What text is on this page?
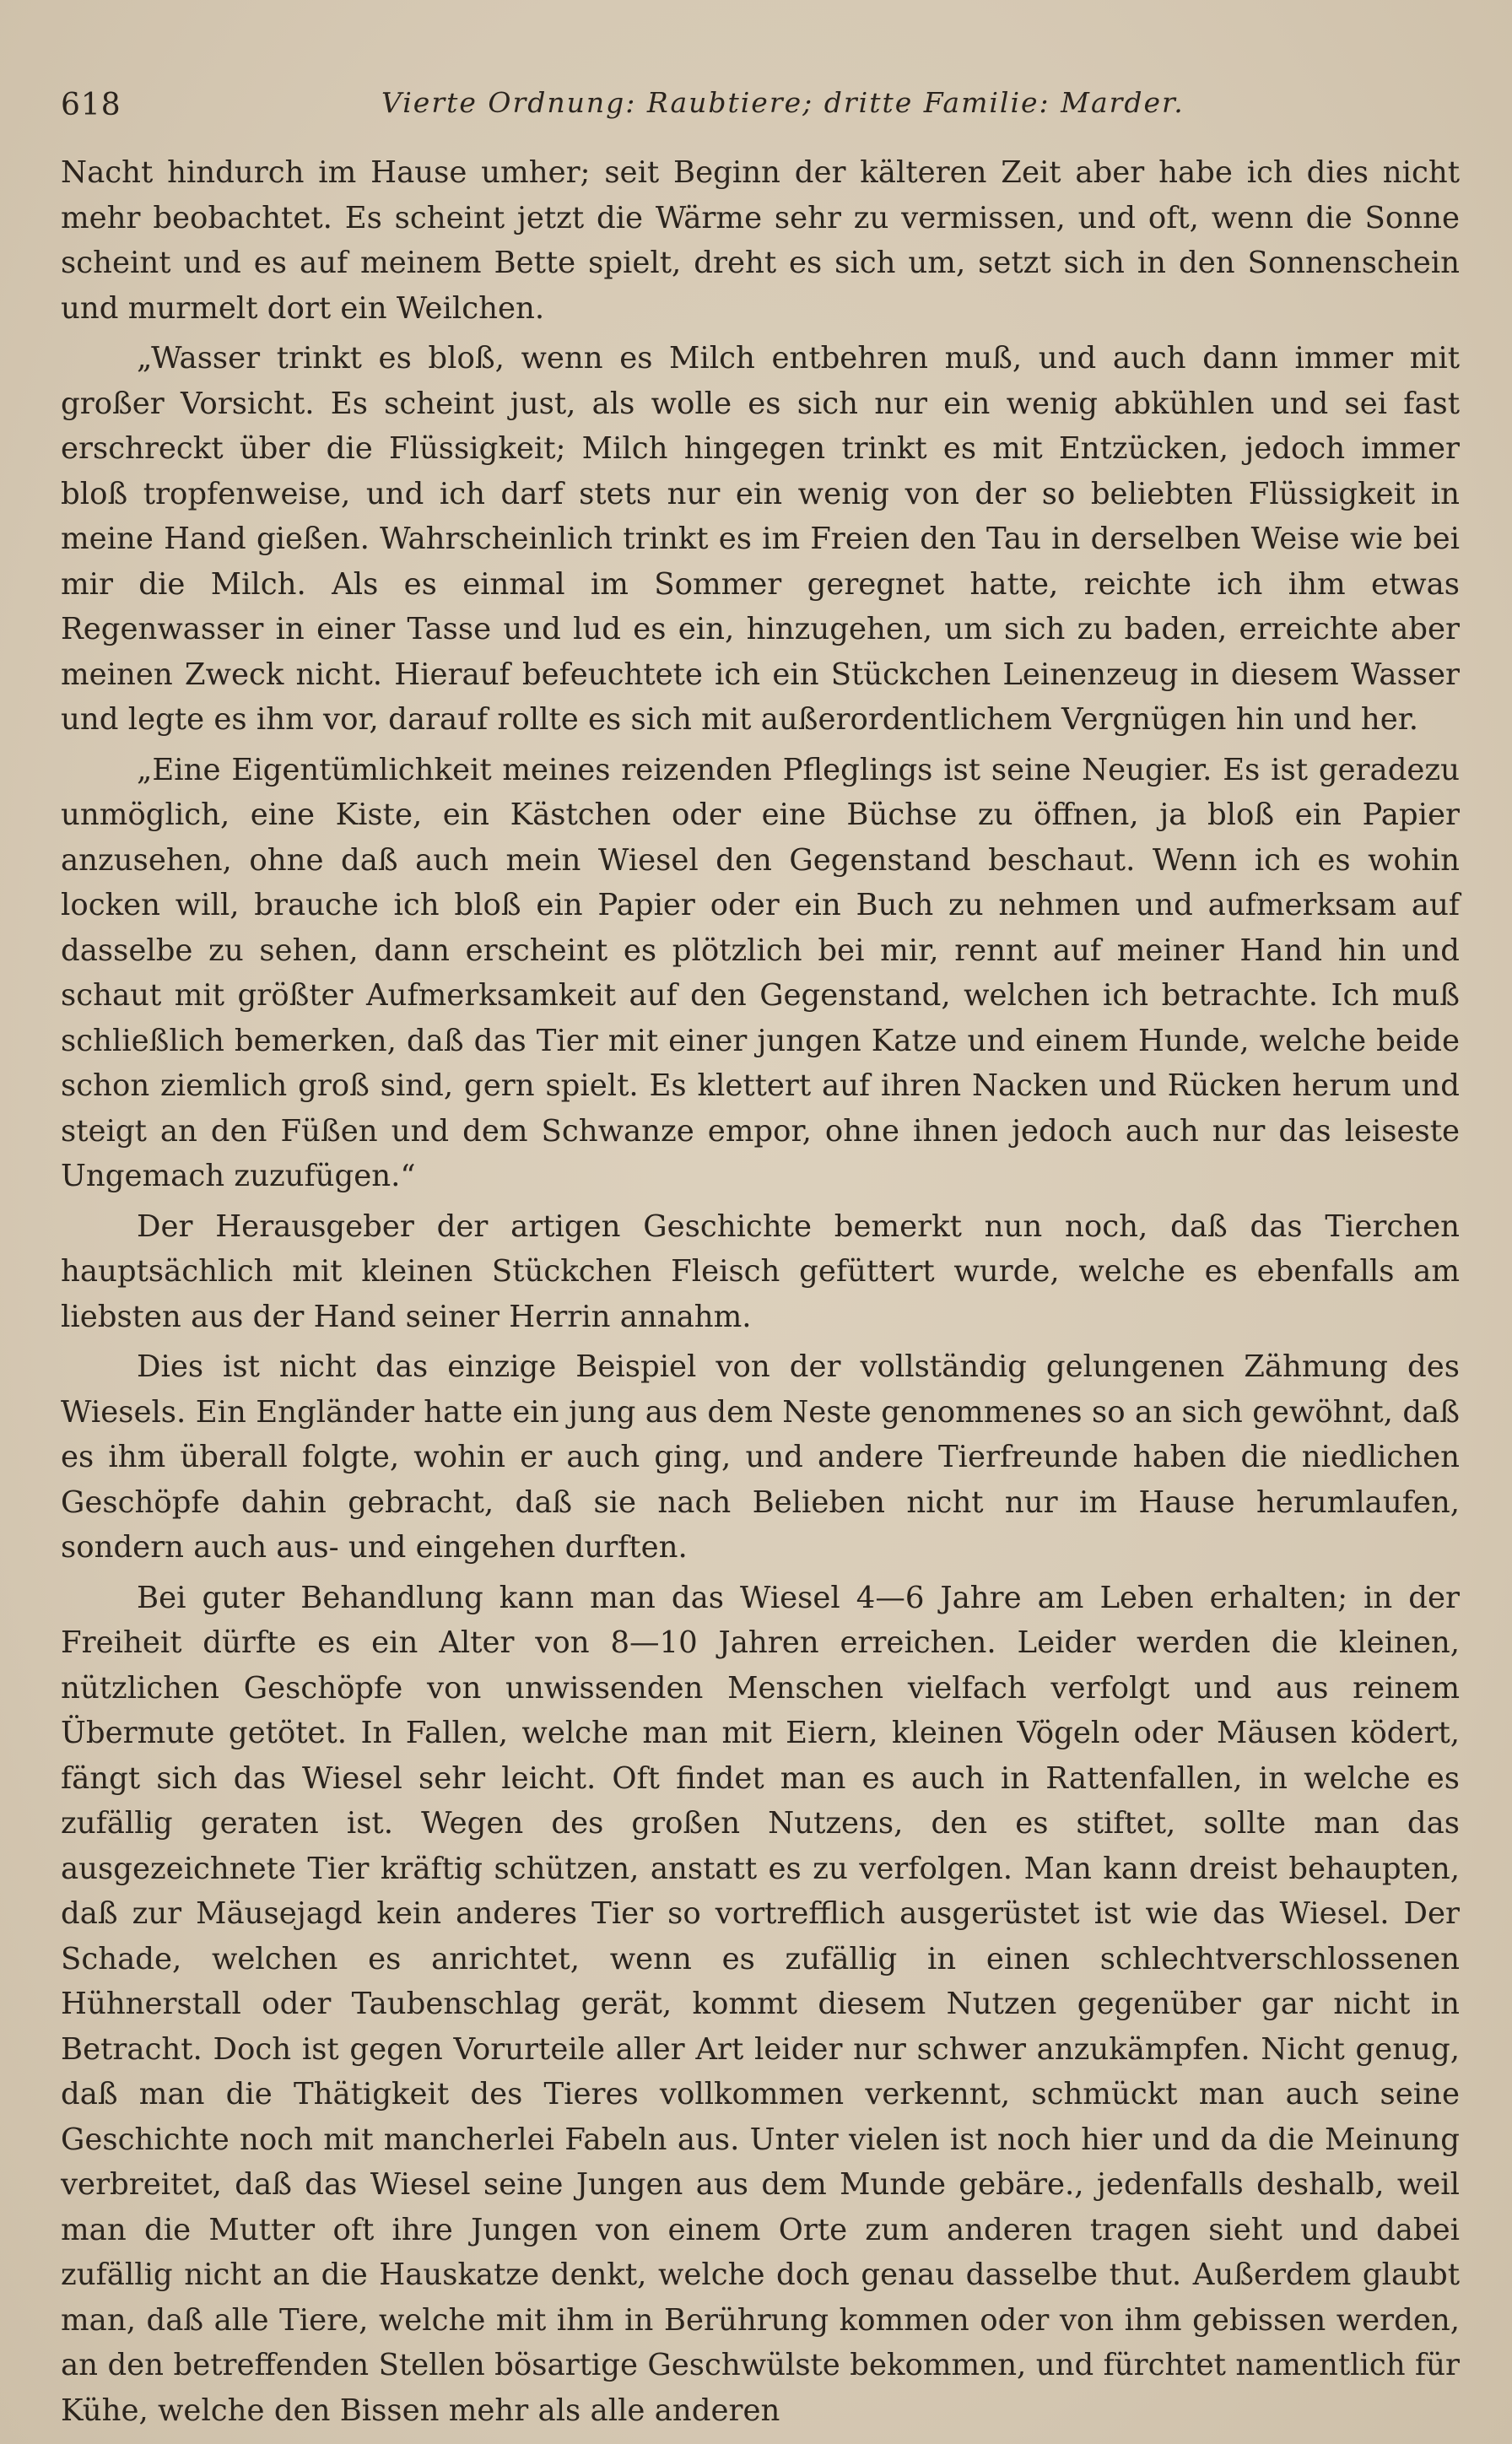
618	Vierte Ordnung: Raubtiere; dritte Familie: Marder.

Nacht hindurch im Hause umher; seit Beginn der kälteren Zeit aber habe ich dies nicht mehr beobachtet. Es scheint jetzt die Wärme sehr zu vermissen, und oft, wenn die Sonne scheint und es auf meinem Bette spielt, dreht es sich um, setzt sich in den Sonnenschein und murmelt dort ein Weilchen.

„Wasser trinkt es bloß, wenn es Milch entbehren muß, und auch dann immer mit großer Vorsicht. Es scheint just, als wolle es sich nur ein wenig abkühlen und sei fast erschreckt über die Flüssigkeit; Milch hingegen trinkt es mit Entzücken, jedoch immer bloß tropfenweise, und ich darf stets nur ein wenig von der so beliebten Flüssigkeit in meine Hand gießen. Wahrscheinlich trinkt es im Freien den Tau in derselben Weise wie bei mir die Milch. Als es einmal im Sommer geregnet hatte, reichte ich ihm etwas Regenwasser in einer Tasse und lud es ein, hinzugehen, um sich zu baden, erreichte aber meinen Zweck nicht. Hierauf befeuchtete ich ein Stückchen Leinenzeug in diesem Wasser und legte es ihm vor, darauf rollte es sich mit außerordentlichem Vergnügen hin und her.

„Eine Eigentümlichkeit meines reizenden Pfleglings ist seine Neugier. Es ist geradezu unmöglich, eine Kiste, ein Kästchen oder eine Büchse zu öffnen, ja bloß ein Papier anzusehen, ohne daß auch mein Wiesel den Gegenstand beschaut. Wenn ich es wohin locken will, brauche ich bloß ein Papier oder ein Buch zu nehmen und aufmerksam auf dasselbe zu sehen, dann erscheint es plötzlich bei mir, rennt auf meiner Hand hin und schaut mit größter Aufmerksamkeit auf den Gegenstand, welchen ich betrachte. Ich muß schließlich bemerken, daß das Tier mit einer jungen Katze und einem Hunde, welche beide schon ziemlich groß sind, gern spielt. Es klettert auf ihren Nacken und Rücken herum und steigt an den Füßen und dem Schwanze empor, ohne ihnen jedoch auch nur das leiseste Ungemach zuzufügen.“

Der Herausgeber der artigen Geschichte bemerkt nun noch, daß das Tierchen hauptsächlich mit kleinen Stückchen Fleisch gefüttert wurde, welche es ebenfalls am liebsten aus der Hand seiner Herrin annahm.

Dies ist nicht das einzige Beispiel von der vollständig gelungenen Zähmung des Wiesels. Ein Engländer hatte ein jung aus dem Neste genommenes so an sich gewöhnt, daß es ihm überall folgte, wohin er auch ging, und andere Tierfreunde haben die niedlichen Geschöpfe dahin gebracht, daß sie nach Belieben nicht nur im Hause herumlaufen, sondern auch aus- und eingehen durften.

Bei guter Behandlung kann man das Wiesel 4—6 Jahre am Leben erhalten; in der Freiheit dürfte es ein Alter von 8—10 Jahren erreichen. Leider werden die kleinen, nützlichen Geschöpfe von unwissenden Menschen vielfach verfolgt und aus reinem Übermute getötet. In Fallen, welche man mit Eiern, kleinen Vögeln oder Mäusen ködert, fängt sich das Wiesel sehr leicht. Oft findet man es auch in Rattenfallen, in welche es zufällig geraten ist. Wegen des großen Nutzens, den es stiftet, sollte man das ausgezeichnete Tier kräftig schützen, anstatt es zu verfolgen. Man kann dreist behaupten, daß zur Mäusejagd kein anderes Tier so vortrefflich ausgerüstet ist wie das Wiesel. Der Schade, welchen es anrichtet, wenn es zufällig in einen schlechtverschlossenen Hühnerstall oder Taubenschlag gerät, kommt diesem Nutzen gegenüber gar nicht in Betracht. Doch ist gegen Vorurteile aller Art leider nur schwer anzukämpfen. Nicht genug, daß man die Thätigkeit des Tieres vollkommen verkennt, schmückt man auch seine Geschichte noch mit mancherlei Fabeln aus. Unter vielen ist noch hier und da die Meinung verbreitet, daß das Wiesel seine Jungen aus dem Munde gebäre., jedenfalls deshalb, weil man die Mutter oft ihre Jungen von einem Orte zum anderen tragen sieht und dabei zufällig nicht an die Hauskatze denkt, welche doch genau dasselbe thut. Außerdem glaubt man, daß alle Tiere, welche mit ihm in Berührung kommen oder von ihm gebissen werden, an den betreffenden Stellen bösartige Geschwülste bekommen, und fürchtet namentlich für Kühe, welche den Bissen mehr als alle anderen
